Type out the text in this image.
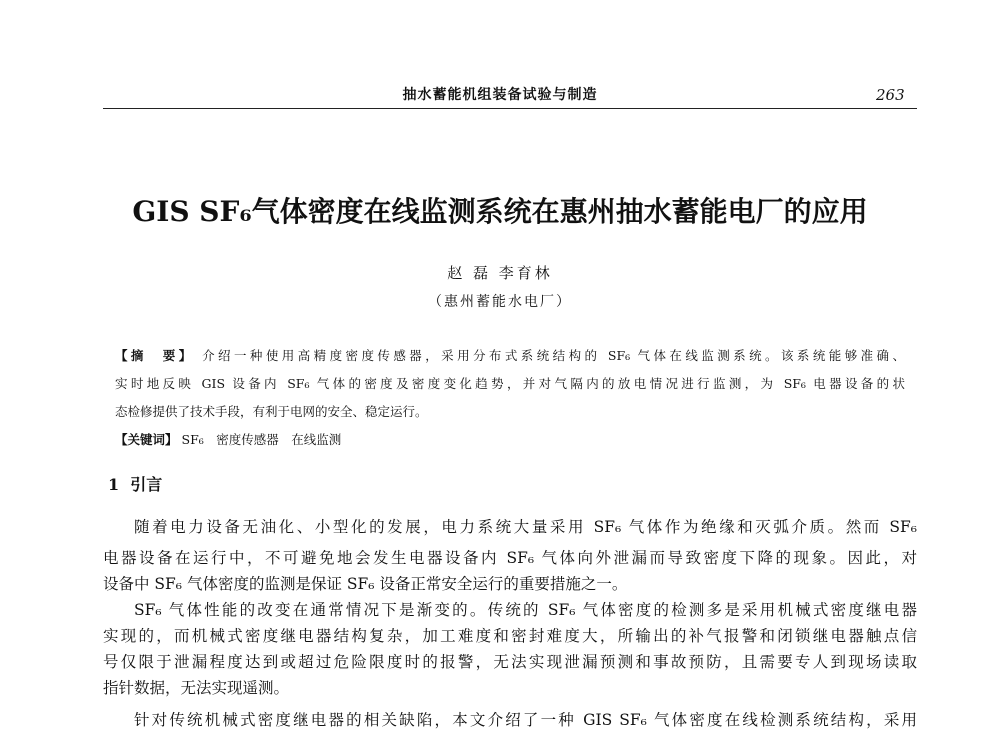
抽水蓄能机组装备试验与制造	263
GIS SF₆气体密度在线监测系统在惠州抽水蓄能电厂的应用
赵 磊 李育林
（惠州蓄能水电厂）
【摘　要】 介绍一种使用高精度密度传感器，采用分布式系统结构的 SF₆ 气体在线监测系统。该系统能够准确、
实时地反映 GIS 设备内 SF₆ 气体的密度及密度变化趋势，并对气隔内的放电情况进行监测，为 SF₆ 电器设备的状
态检修提供了技术手段，有利于电网的安全、稳定运行。
【关键词】 SF₆　密度传感器　在线监测
1 引言
随着电力设备无油化、小型化的发展，电力系统大量采用 SF₆ 气体作为绝缘和灭弧介质。然而 SF₆
电器设备在运行中，不可避免地会发生电器设备内 SF₆ 气体向外泄漏而导致密度下降的现象。因此，对
设备中 SF₆ 气体密度的监测是保证 SF₆ 设备正常安全运行的重要措施之一。
SF₆ 气体性能的改变在通常情况下是渐变的。传统的 SF₆ 气体密度的检测多是采用机械式密度继电器
实现的，而机械式密度继电器结构复杂，加工难度和密封难度大，所输出的补气报警和闭锁继电器触点信
号仅限于泄漏程度达到或超过危险限度时的报警，无法实现泄漏预测和事故预防，且需要专人到现场读取
指针数据，无法实现遥测。
针对传统机械式密度继电器的相关缺陷，本文介绍了一种 GIS SF₆ 气体密度在线检测系统结构，采用
